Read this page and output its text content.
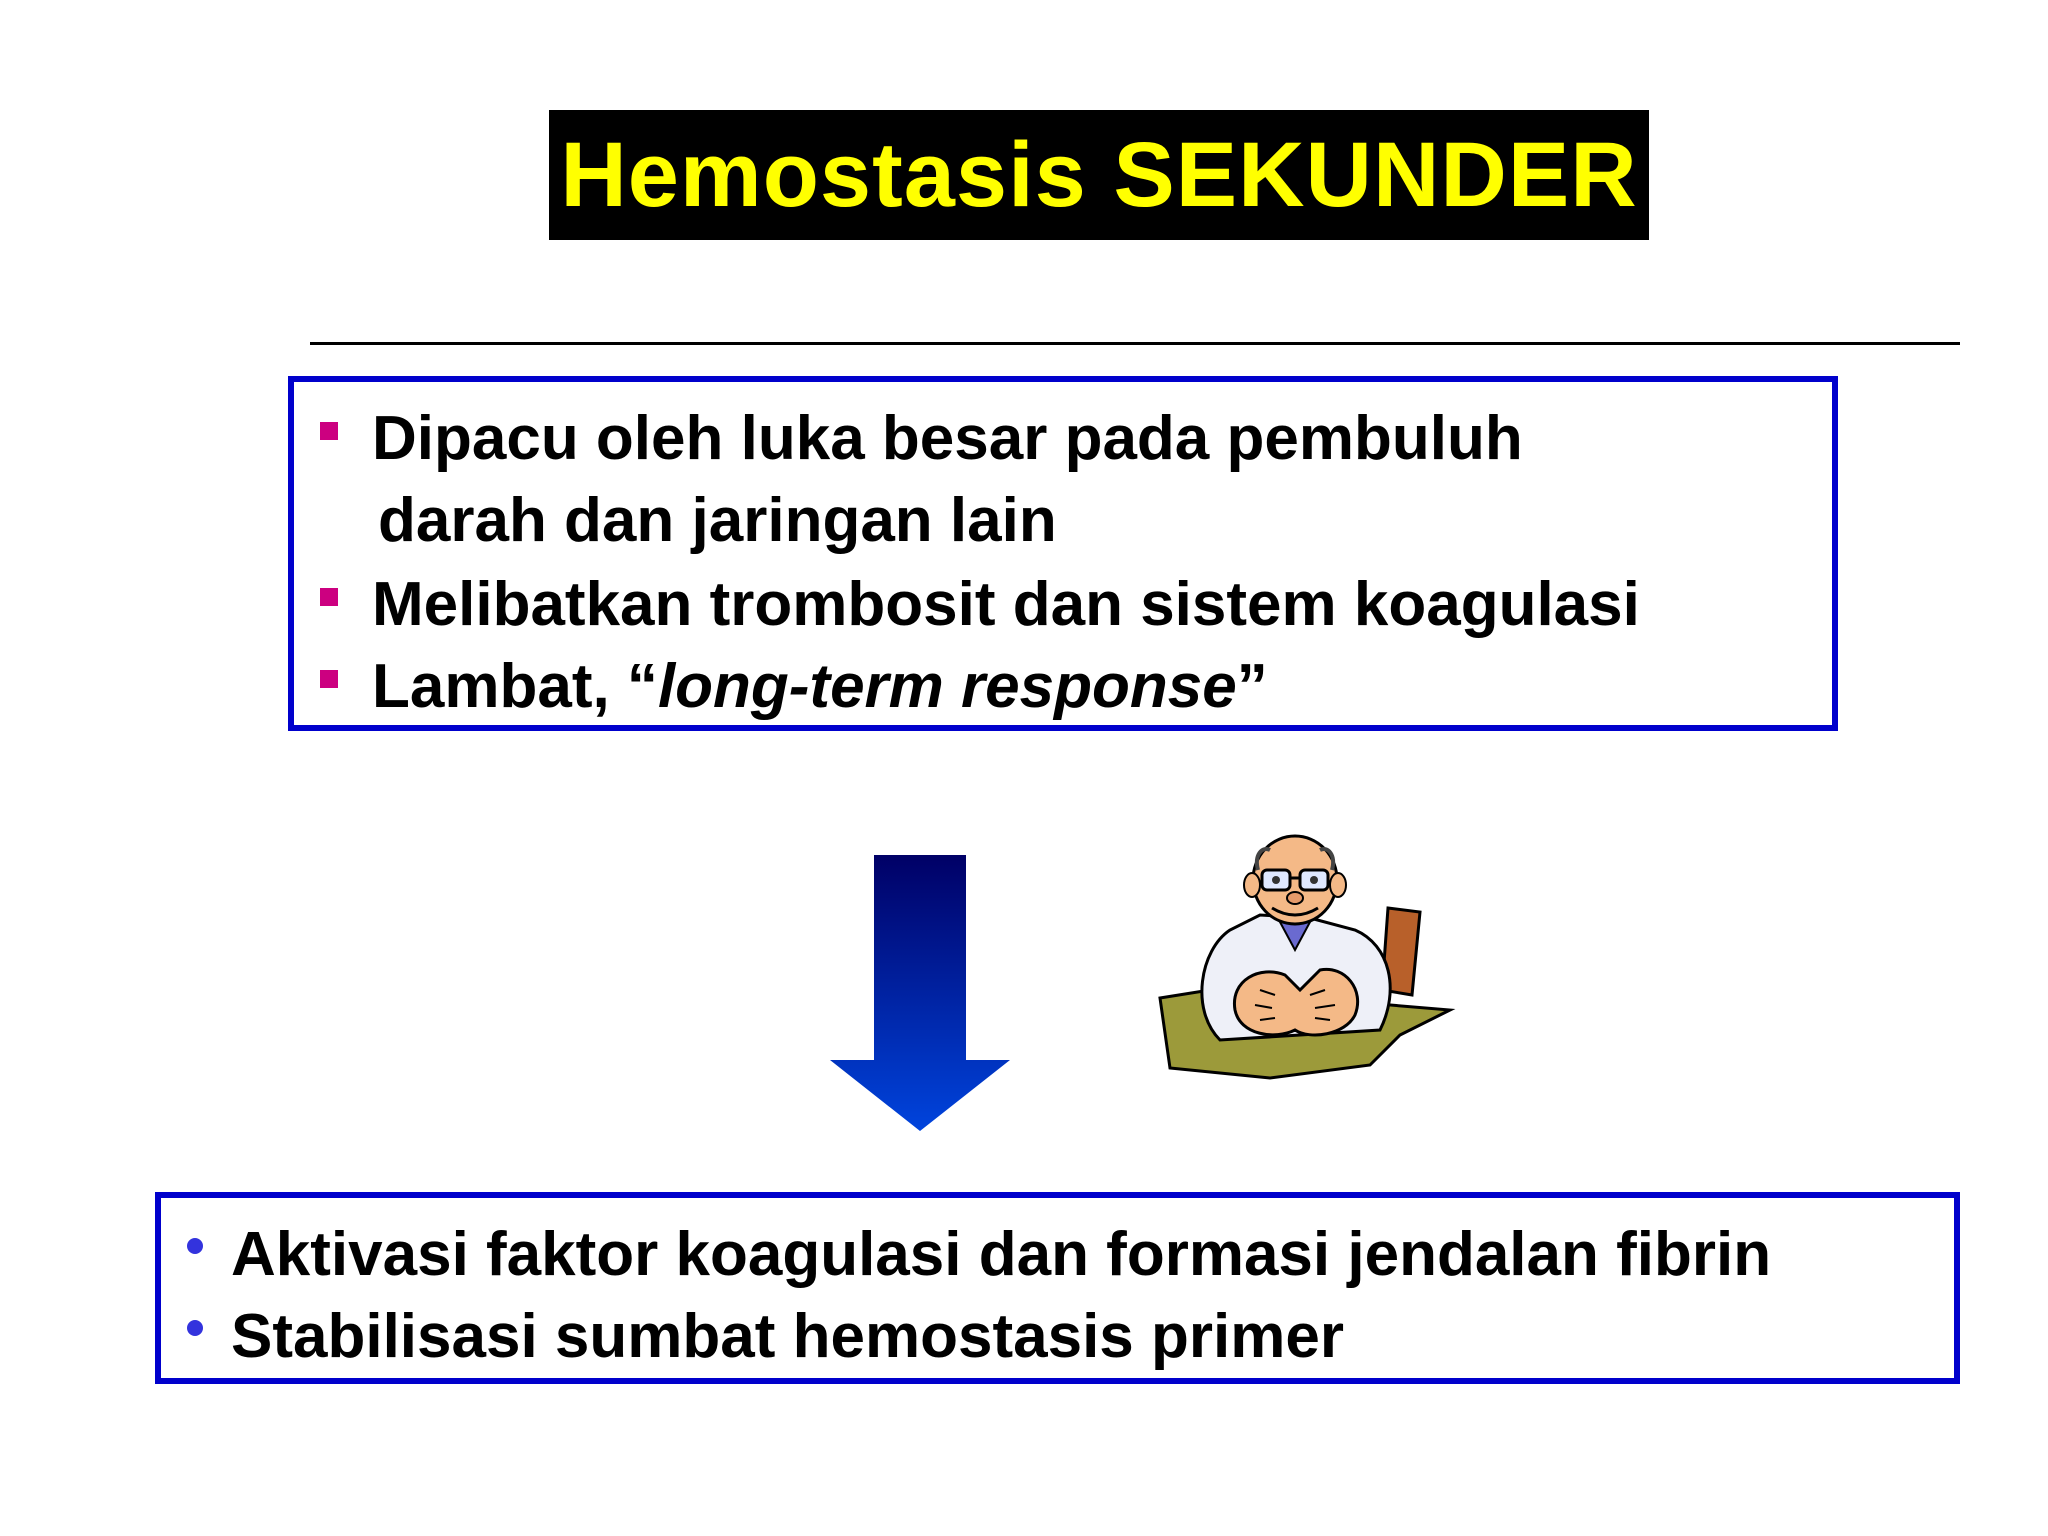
Hemostasis SEKUNDER
Dipacu oleh luka besar pada pembuluh
darah dan jaringan lain
Melibatkan trombosit dan sistem koagulasi
Lambat, “long-term response”
Aktivasi faktor koagulasi dan formasi jendalan fibrin
Stabilisasi sumbat hemostasis primer
